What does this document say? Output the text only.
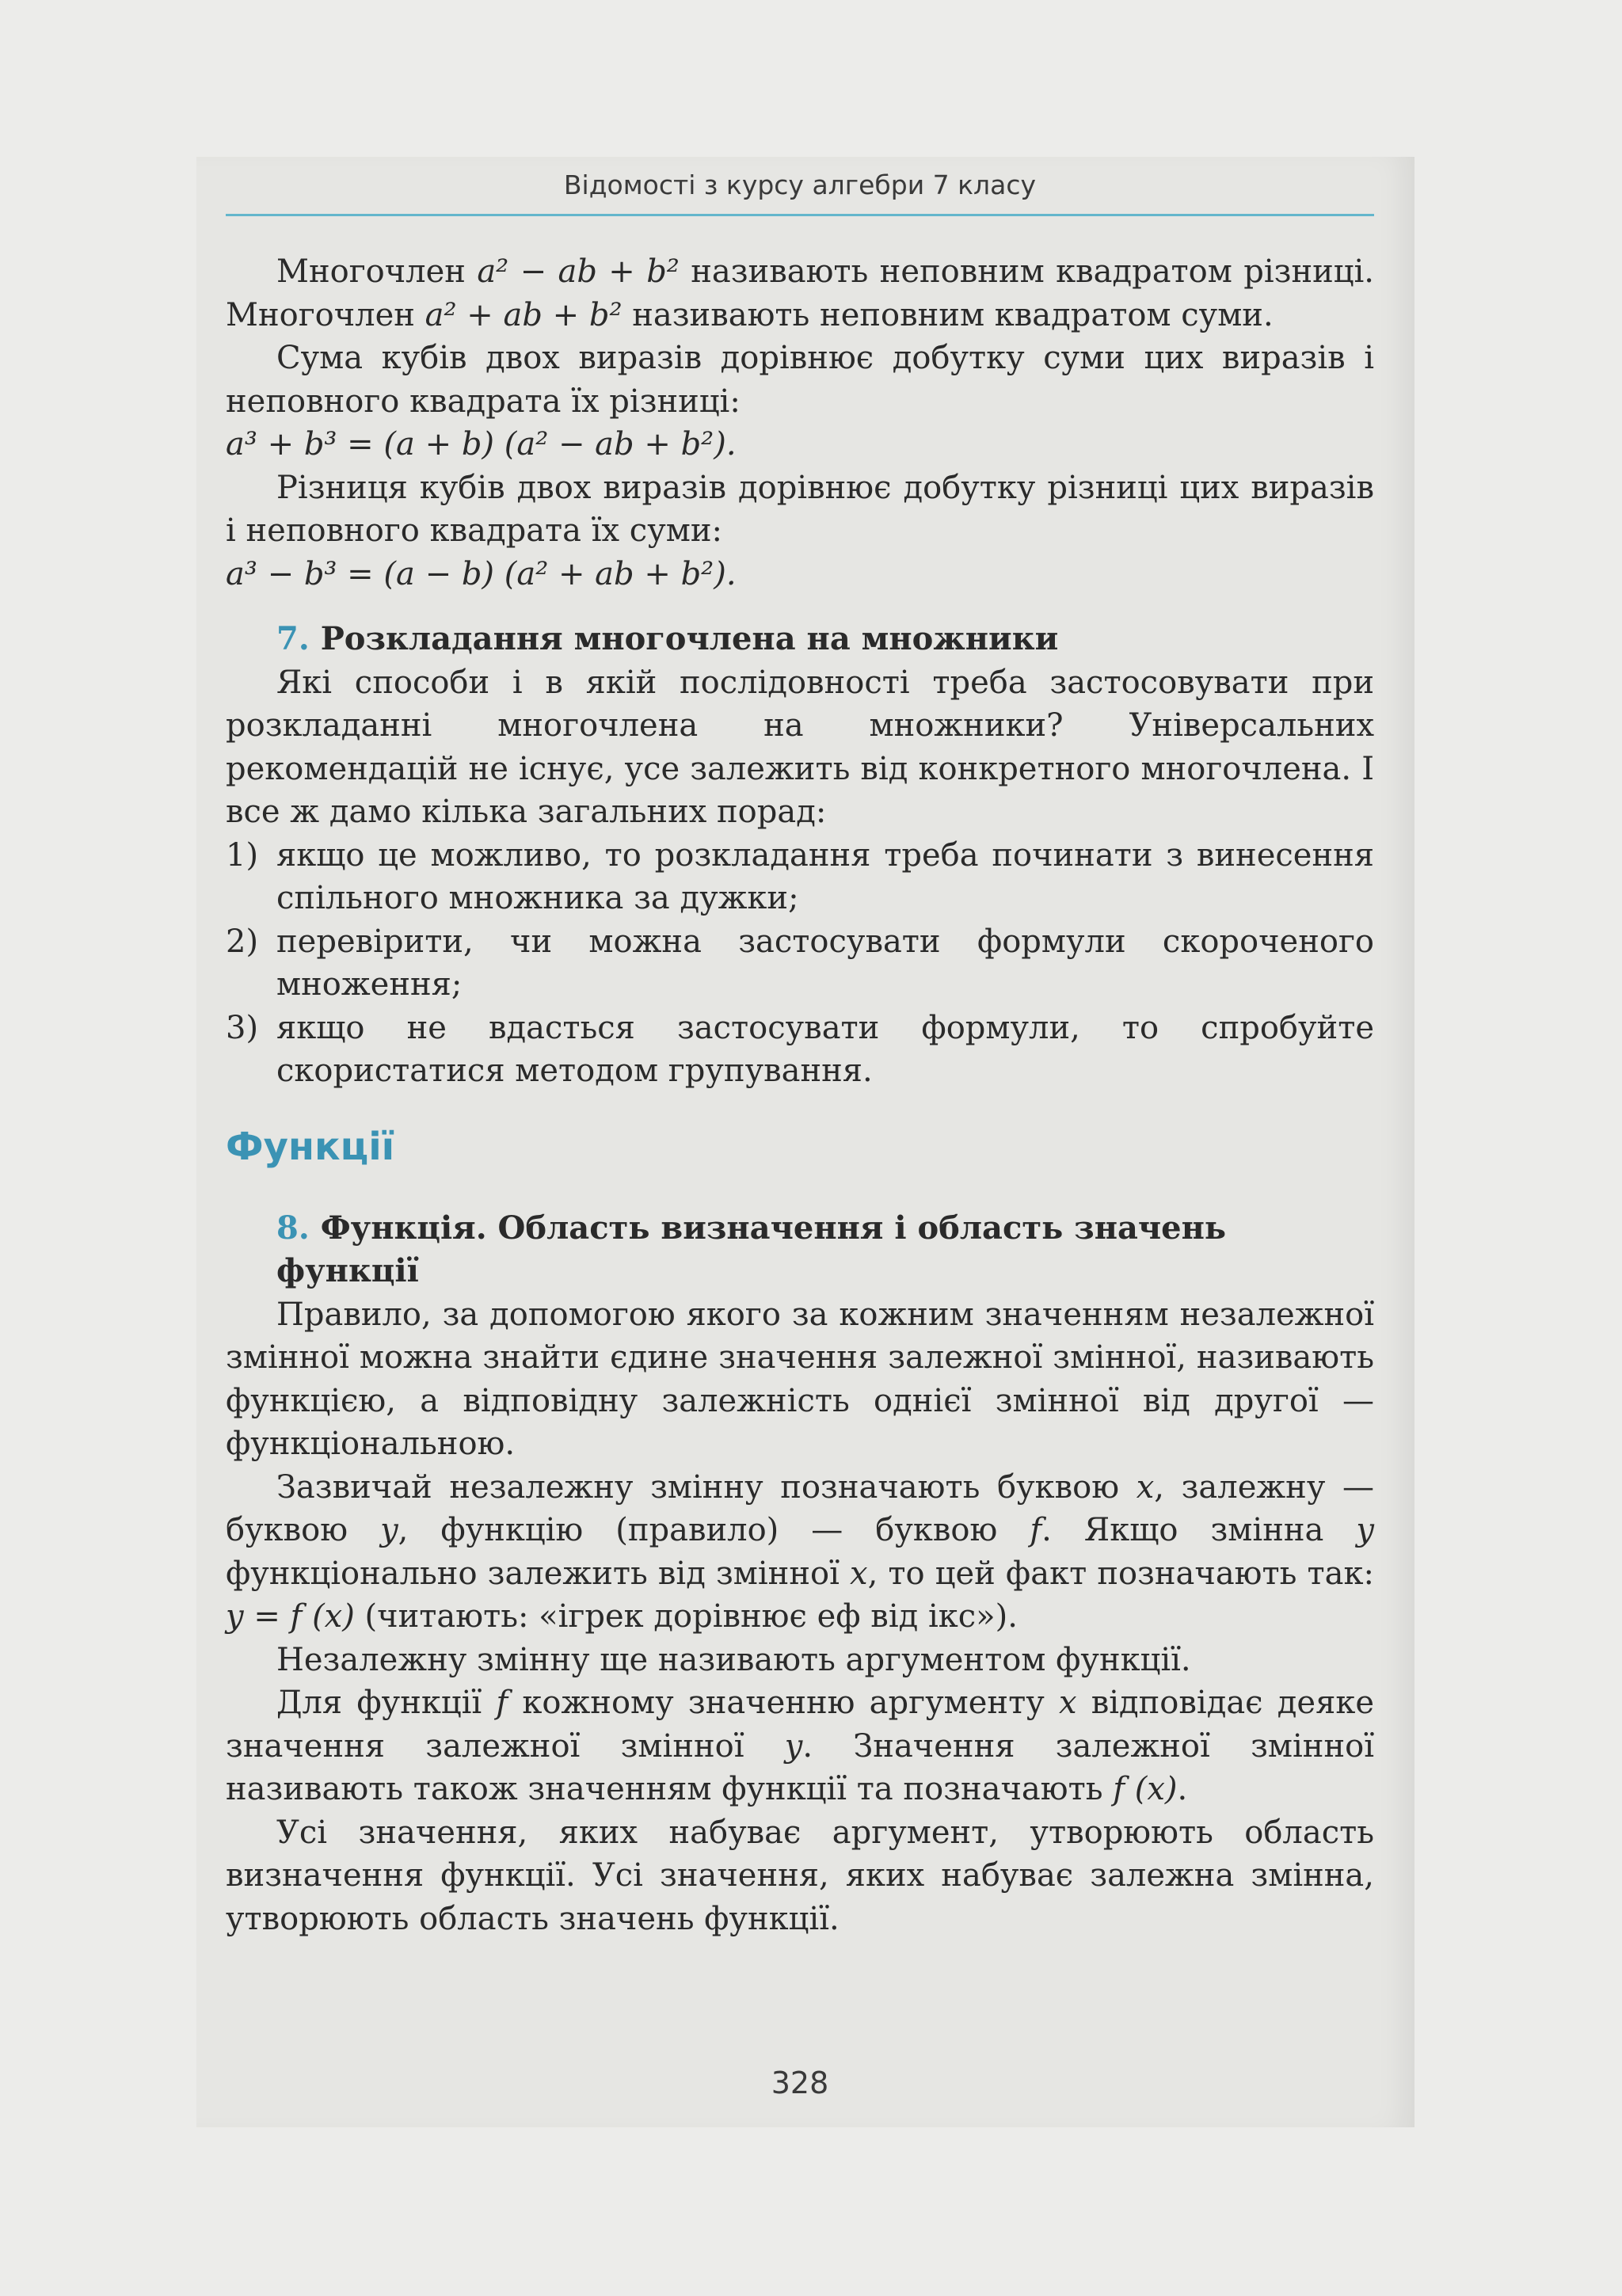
Відомості з курсу алгебри 7 класу

Многочлен a² − ab + b² називають неповним квадратом різниці. Многочлен a² + ab + b² називають неповним квадратом суми.

Сума кубів двох виразів дорівнює добутку суми цих виразів і неповного квадрата їх різниці:

a³ + b³ = (a + b) (a² − ab + b²).

Різниця кубів двох виразів дорівнює добутку різниці цих виразів і неповного квадрата їх суми:

a³ − b³ = (a − b) (a² + ab + b²).

7. Розкладання многочлена на множники

Які способи і в якій послідовності треба застосовувати при розкладанні многочлена на множники? Універсальних рекомендацій не існує, усе залежить від конкретного многочлена. І все ж дамо кілька загальних порад:

1) якщо це можливо, то розкладання треба починати з винесення спільного множника за дужки;
2) перевірити, чи можна застосувати формули скороченого множення;
3) якщо не вдасться застосувати формули, то спробуйте скористатися методом групування.

Функції

8. Функція. Область визначення і область значень функції

Правило, за допомогою якого за кожним значенням незалежної змінної можна знайти єдине значення залежної змінної, називають функцією, а відповідну залежність однієї змінної від другої — функціональною.

Зазвичай незалежну змінну позначають буквою x, залежну — буквою y, функцію (правило) — буквою f. Якщо змінна y функціонально залежить від змінної x, то цей факт позначають так: y = f (x) (читають: «ігрек дорівнює еф від ікс»).

Незалежну змінну ще називають аргументом функції.

Для функції f кожному значенню аргументу x відповідає деяке значення залежної змінної y. Значення залежної змінної називають також значенням функції та позначають f (x).

Усі значення, яких набуває аргумент, утворюють область визначення функції. Усі значення, яких набуває залежна змінна, утворюють область значень функції.

328
